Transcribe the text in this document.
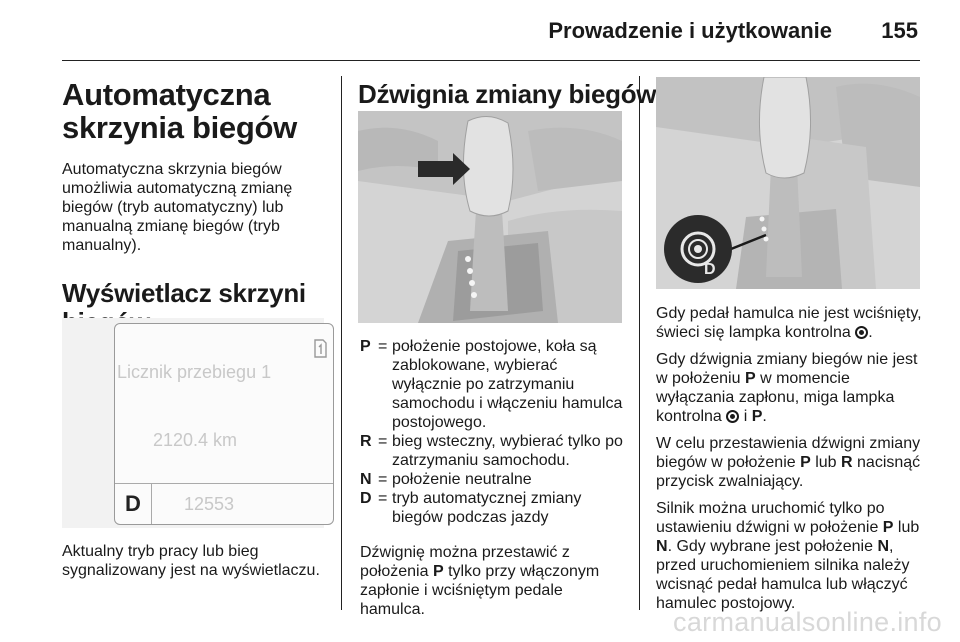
Prowadzenie i użytkowanie 155
Automatyczna skrzynia biegów

Automatyczna skrzynia biegów umożliwia automatyczną zmianę biegów (tryb automatyczny) lub manualną zmianę biegów (tryb manualny).

Wyświetlacz skrzyni
Licznik przebiegu 1
2120.4 km
D	12553

Aktualny tryb pracy lub bieg sygnalizowany jest na wyświetlaczu.

Dźwignia zmiany biegów
P = położenie postojowe, koła są zablokowane, wybierać wyłącznie po zatrzymaniu samochodu i włączeniu hamulca postojowego.
R = bieg wsteczny, wybierać tylko po zatrzymaniu samochodu.
N = położenie neutralne
D = tryb automatycznej zmiany biegów podczas jazdy

Dźwignię można przestawić z położenia P tylko przy włączonym zapłonie i wciśniętym pedale hamulca.

D

Gdy pedał hamulca nie jest wciśnięty, świeci się lampka kontrolna .

Gdy dźwignia zmiany biegów nie jest w położeniu P w momencie wyłączania zapłonu, miga lampka kontrolna  i P.

W celu przestawienia dźwigni zmiany biegów w położenie P lub R nacisnąć przycisk zwalniający.

Silnik można uruchomić tylko po ustawieniu dźwigni w położenie P lub N. Gdy wybrane jest położenie N, przed uruchomieniem silnika należy wcisnąć pedał hamulca lub włączyć hamulec postojowy.

carmanualsonline.info
